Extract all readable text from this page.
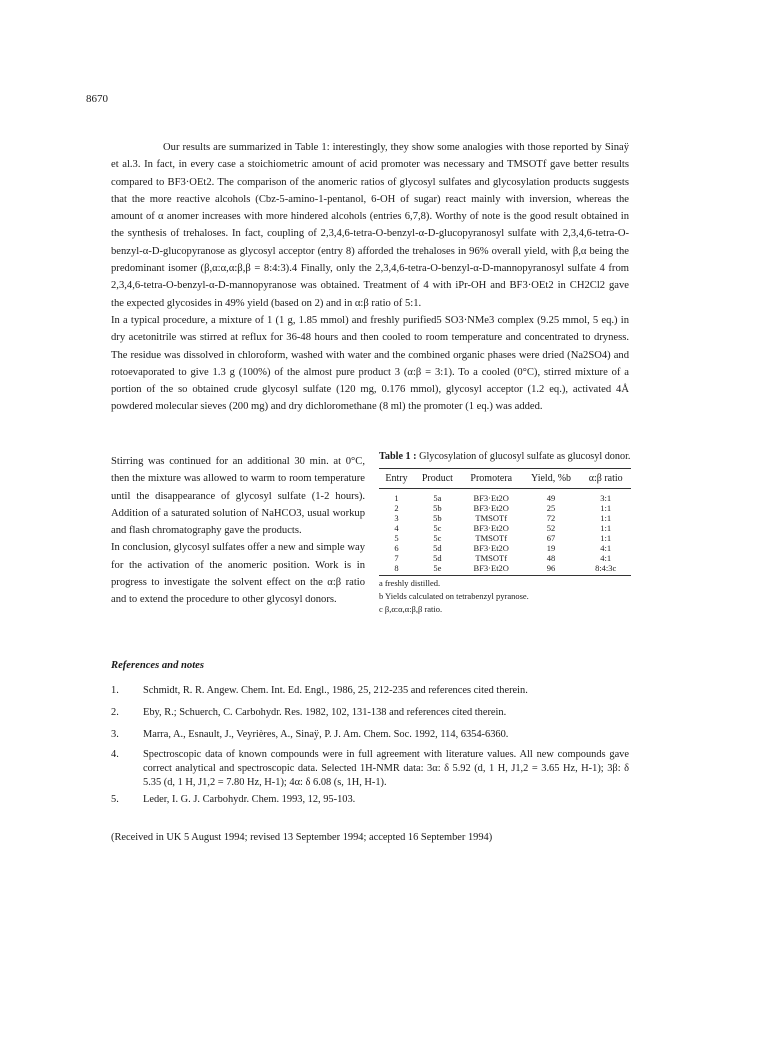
8670

Our results are summarized in Table 1: interestingly, they show some analogies with those reported by Sinaÿ et al.3. In fact, in every case a stoichiometric amount of acid promoter was necessary and TMSOTf gave better results compared to BF3·OEt2. The comparison of the anomeric ratios of glycosyl sulfates and glycosylation products suggests that the more reactive alcohols (Cbz-5-amino-1-pentanol, 6-OH of sugar) react mainly with inversion, whereas the amount of α anomer increases with more hindered alcohols (entries 6,7,8). Worthy of note is the good result obtained in the synthesis of trehaloses. In fact, coupling of 2,3,4,6-tetra-O-benzyl-α-D-glucopyranosyl sulfate with 2,3,4,6-tetra-O-benzyl-α-D-glucopyranose as glycosyl acceptor (entry 8) afforded the trehaloses in 96% overall yield, with β,α being the predominant isomer (β,α:α,α:β,β = 8:4:3).4 Finally, only the 2,3,4,6-tetra-O-benzyl-α-D-mannopyranosyl sulfate 4 from 2,3,4,6-tetra-O-benzyl-α-D-mannopyranose was obtained. Treatment of 4 with iPr-OH and BF3·OEt2 in CH2Cl2 gave the expected glycosides in 49% yield (based on 2) and in α:β ratio of 5:1.

In a typical procedure, a mixture of 1 (1 g, 1.85 mmol) and freshly purified5 SO3·NMe3 complex (9.25 mmol, 5 eq.) in dry acetonitrile was stirred at reflux for 36-48 hours and then cooled to room temperature and concentrated to dryness. The residue was dissolved in chloroform, washed with water and the combined organic phases were dried (Na2SO4) and rotoevaporated to give 1.3 g (100%) of the almost pure product 3 (α:β = 3:1). To a cooled (0°C), stirred mixture of a portion of the so obtained crude glycosyl sulfate (120 mg, 0.176 mmol), glycosyl acceptor (1.2 eq.), activated 4Å powdered molecular sieves (200 mg) and dry dichloromethane (8 ml) the promoter (1 eq.) was added.

Stirring was continued for an additional 30 min. at 0°C, then the mixture was allowed to warm to room temperature until the disappearance of glycosyl sulfate (1-2 hours). Addition of a saturated solution of NaHCO3, usual workup and flash chromatography gave the products.

In conclusion, glycosyl sulfates offer a new and simple way for the activation of the anomeric position. Work is in progress to investigate the solvent effect on the α:β ratio and to extend the procedure to other glycosyl donors.

Table 1 : Glycosylation of glucosyl sulfate as glucosyl donor.
Entry	Product	Promotera	Yield, %b	α:β ratio
1	5a	BF3·Et2O	49	3:1
2	5b	BF3·Et2O	25	1:1
3	5b	TMSOTf	72	1:1
4	5c	BF3·Et2O	52	1:1
5	5c	TMSOTf	67	1:1
6	5d	BF3·Et2O	19	4:1
7	5d	TMSOTf	48	4:1
8	5e	BF3·Et2O	96	8:4:3c
a freshly distilled.
b Yields calculated on tetrabenzyl pyranose.
c β,α:α,α:β,β ratio.
References and notes
1. Schmidt, R. R. Angew. Chem. Int. Ed. Engl., 1986, 25, 212-235 and references cited therein.
2. Eby, R.; Schuerch, C. Carbohydr. Res. 1982, 102, 131-138 and references cited therein.
3. Marra, A., Esnault, J., Veyrières, A., Sinaÿ, P. J. Am. Chem. Soc. 1992, 114, 6354-6360.
4. Spectroscopic data of known compounds were in full agreement with literature values. All new compounds gave correct analytical and spectroscopic data. Selected 1H-NMR data: 3α: δ 5.92 (d, 1 H, J1,2 = 3.65 Hz, H-1); 3β: δ 5.35 (d, 1 H, J1,2 = 7.80 Hz, H-1); 4α: δ 6.08 (s, 1H, H-1).
5. Leder, I. G. J. Carbohydr. Chem. 1993, 12, 95-103.
(Received in UK 5 August 1994; revised 13 September 1994; accepted 16 September 1994)
